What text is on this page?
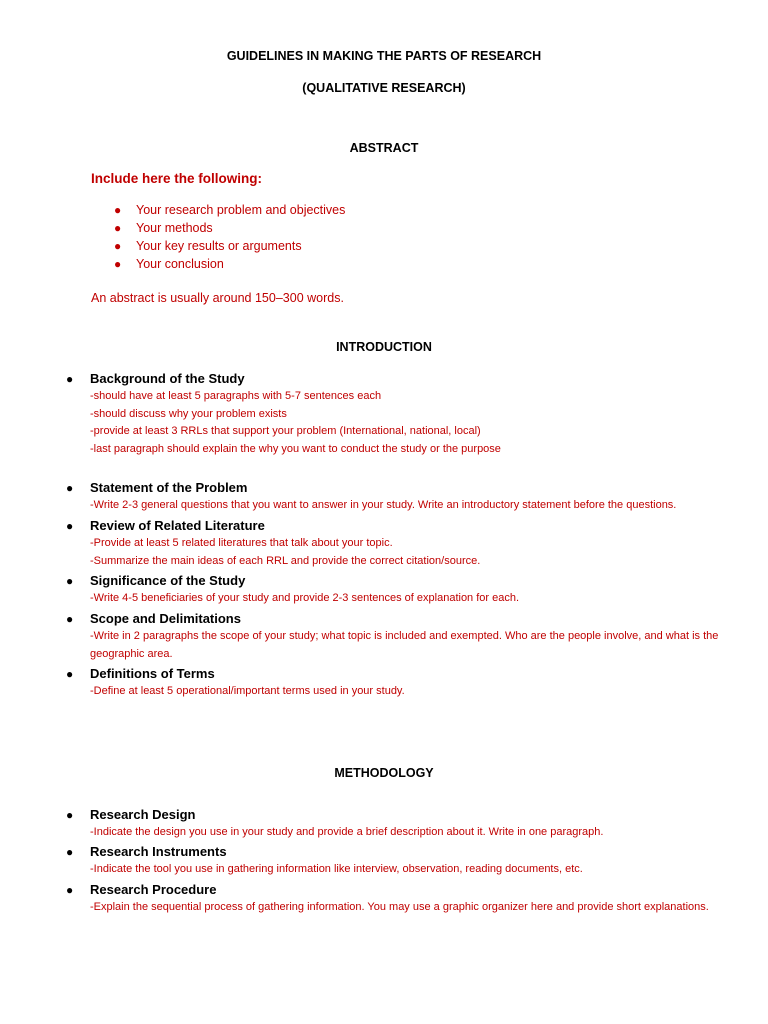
GUIDELINES IN MAKING THE PARTS OF RESEARCH
(QUALITATIVE RESEARCH)
ABSTRACT
Include here the following:
● Your research problem and objectives
● Your methods
● Your key results or arguments
● Your conclusion
An abstract is usually around 150–300 words.
INTRODUCTION
● Background of the Study
-should have at least 5 paragraphs with 5-7 sentences each
-should discuss why your problem exists
-provide at least 3 RRLs that support your problem (International, national, local)
-last paragraph should explain the why you want to conduct the study or the purpose
● Statement of the Problem
-Write 2-3 general questions that you want to answer in your study. Write an introductory statement before the questions.
● Review of Related Literature
-Provide at least 5 related literatures that talk about your topic.
-Summarize the main ideas of each RRL and provide the correct citation/source.
● Significance of the Study
-Write 4-5 beneficiaries of your study and provide 2-3 sentences of explanation for each.
● Scope and Delimitations
-Write in 2 paragraphs the scope of your study; what topic is included and exempted. Who are the people involve, and what is the geographic area.
● Definitions of Terms
-Define at least 5 operational/important terms used in your study.
METHODOLOGY
● Research Design
-Indicate the design you use in your study and provide a brief description about it. Write in one paragraph.
● Research Instruments
-Indicate the tool you use in gathering information like interview, observation, reading documents, etc.
● Research Procedure
-Explain the sequential process of gathering information. You may use a graphic organizer here and provide short explanations.
